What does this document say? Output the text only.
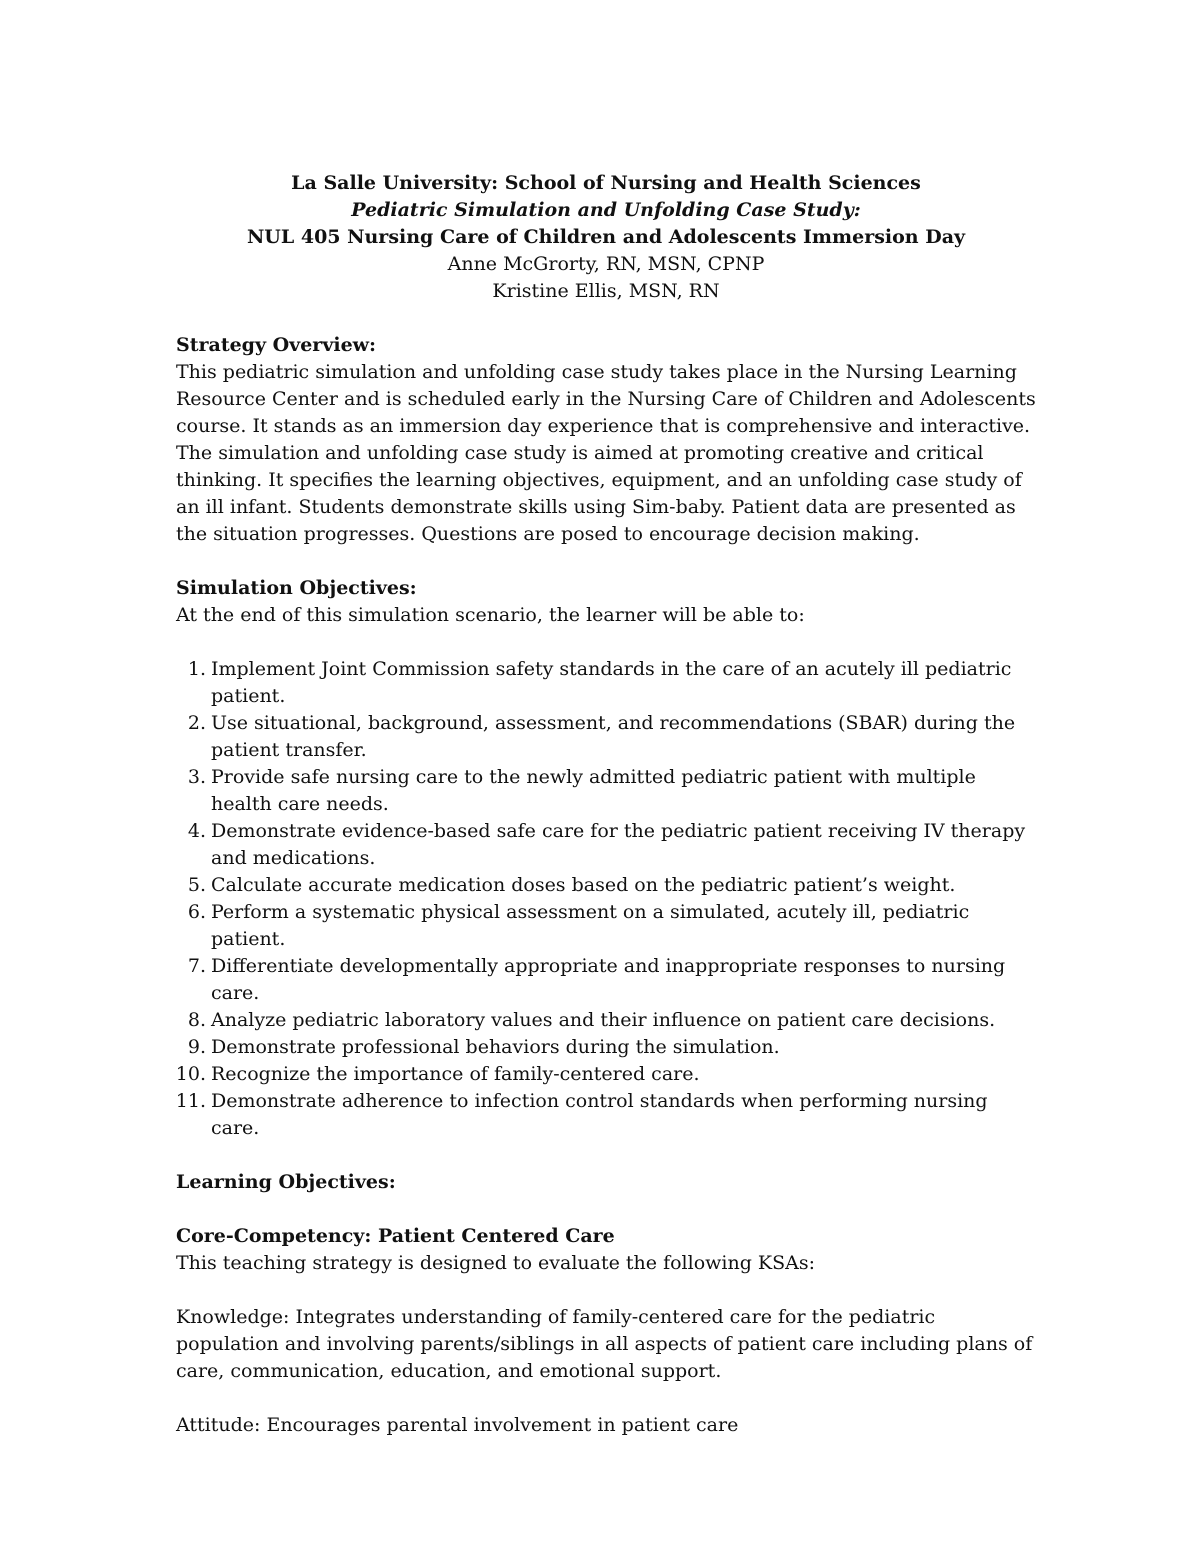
La Salle University: School of Nursing and Health Sciences
Pediatric Simulation and Unfolding Case Study:
NUL 405 Nursing Care of Children and Adolescents Immersion Day
Anne McGrorty, RN, MSN, CPNP
Kristine Ellis, MSN, RN
Strategy Overview:

This pediatric simulation and unfolding case study takes place in the Nursing Learning Resource Center and is scheduled early in the Nursing Care of Children and Adolescents course. It stands as an immersion day experience that is comprehensive and interactive. The simulation and unfolding case study is aimed at promoting creative and critical thinking. It specifies the learning objectives, equipment, and an unfolding case study of an ill infant. Students demonstrate skills using Sim-baby. Patient data are presented as the situation progresses. Questions are posed to encourage decision making.

Simulation Objectives:

At the end of this simulation scenario, the learner will be able to:

1. Implement Joint Commission safety standards in the care of an acutely ill pediatric patient.
2. Use situational, background, assessment, and recommendations (SBAR) during the patient transfer.
3. Provide safe nursing care to the newly admitted pediatric patient with multiple health care needs.
4. Demonstrate evidence-based safe care for the pediatric patient receiving IV therapy and medications.
5. Calculate accurate medication doses based on the pediatric patient’s weight.
6. Perform a systematic physical assessment on a simulated, acutely ill, pediatric patient.
7. Differentiate developmentally appropriate and inappropriate responses to nursing care.
8. Analyze pediatric laboratory values and their influence on patient care decisions.
9. Demonstrate professional behaviors during the simulation.
10. Recognize the importance of family-centered care.
11. Demonstrate adherence to infection control standards when performing nursing care.
Learning Objectives:
Core-Competency: Patient Centered Care

This teaching strategy is designed to evaluate the following KSAs:

Knowledge: Integrates understanding of family-centered care for the pediatric population and involving parents/siblings in all aspects of patient care including plans of care, communication, education, and emotional support.

Attitude: Encourages parental involvement in patient care
